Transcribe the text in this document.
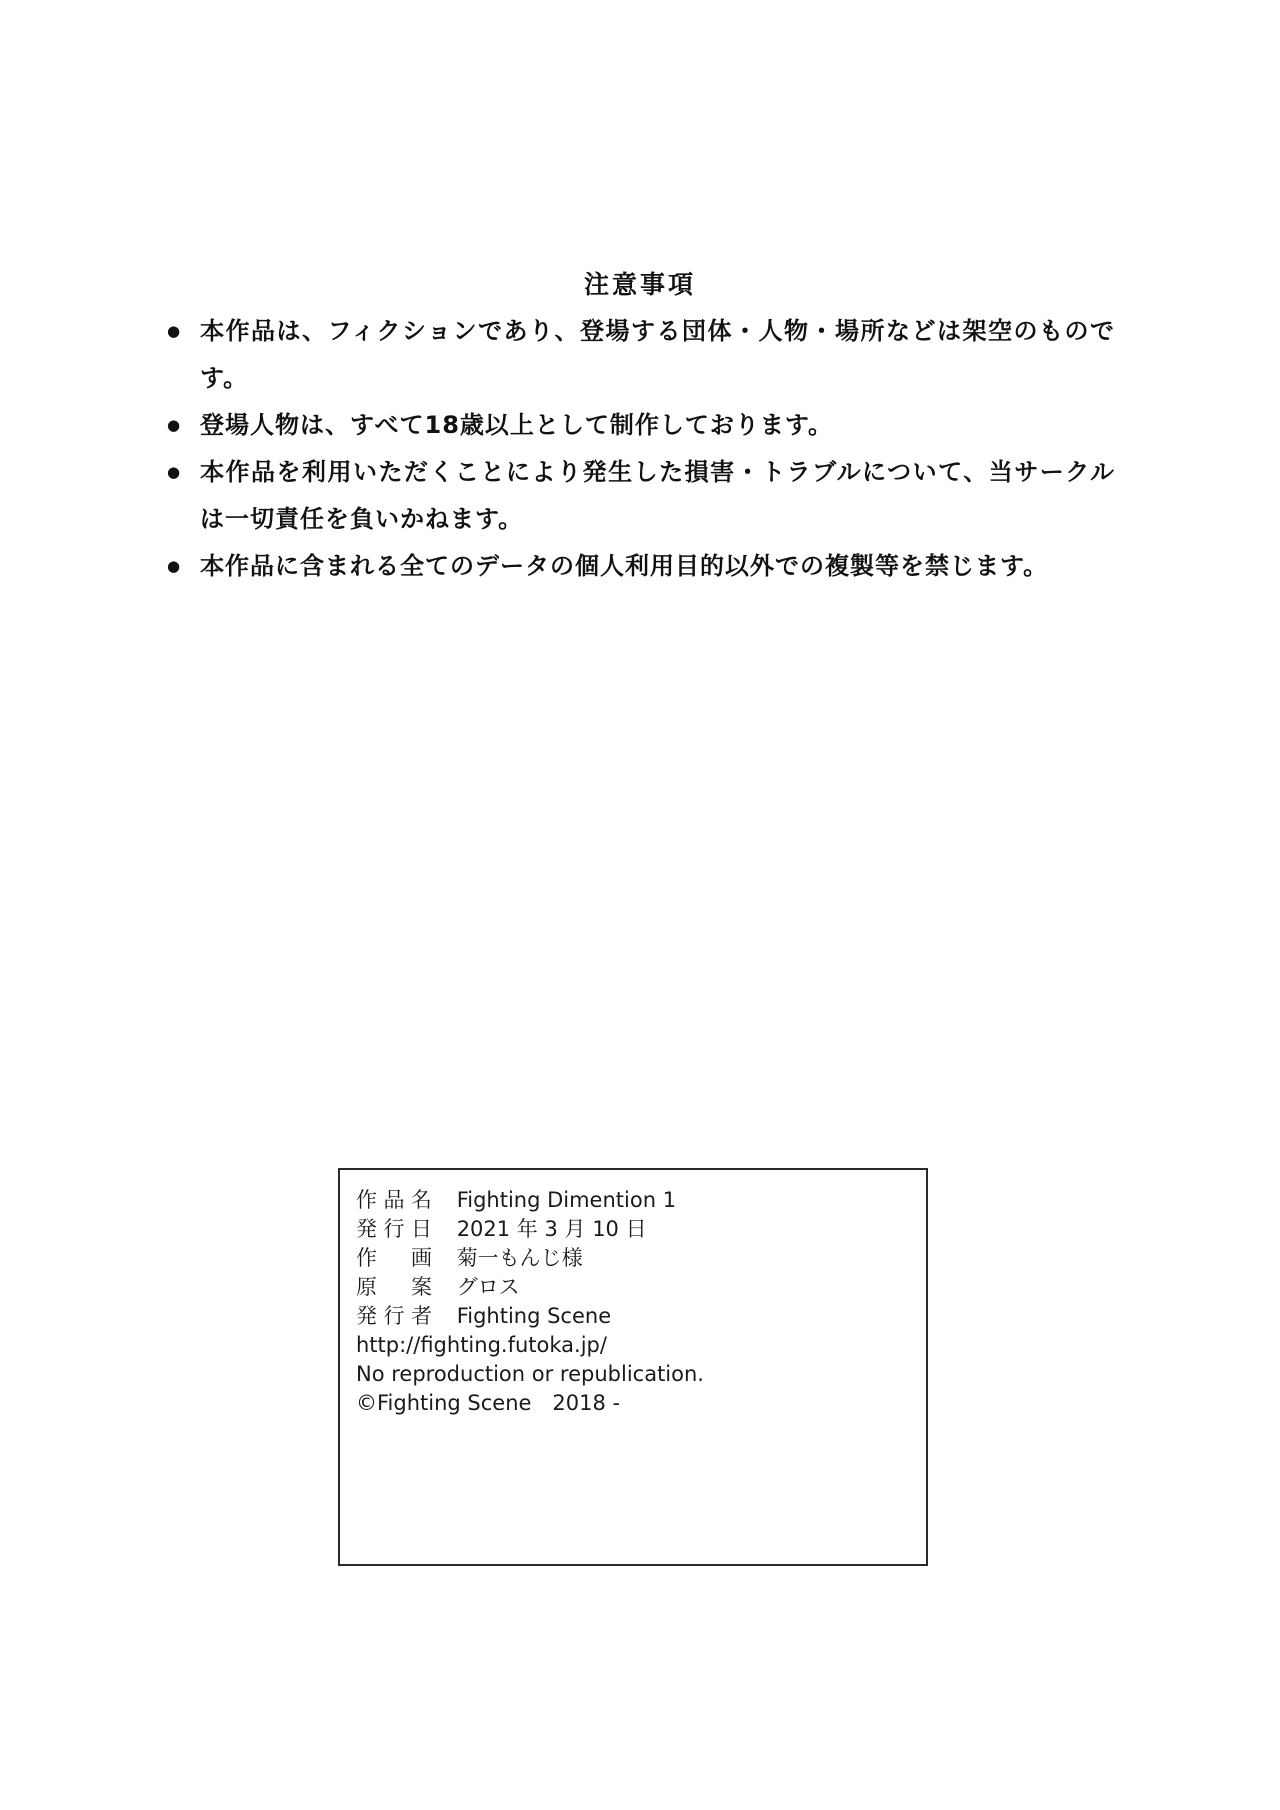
注意事項
● 本作品は、フィクションであり、登場する団体・人物・場所などは架空のものです。
● 登場人物は、すべて18歳以上として制作しております。
● 本作品を利用いただくことにより発生した損害・トラブルについて、当サークルは一切責任を負いかねます。
● 本作品に含まれる全てのデータの個人利用目的以外での複製等を禁じます。
作品名 Fighting Dimention 1
発行日 2021 年 3 月 10 日
作画 菊一もんじ様
原案 グロス
発行者 Fighting Scene
http://fighting.futoka.jp/
No reproduction or republication.
©Fighting Scene　2018 -
